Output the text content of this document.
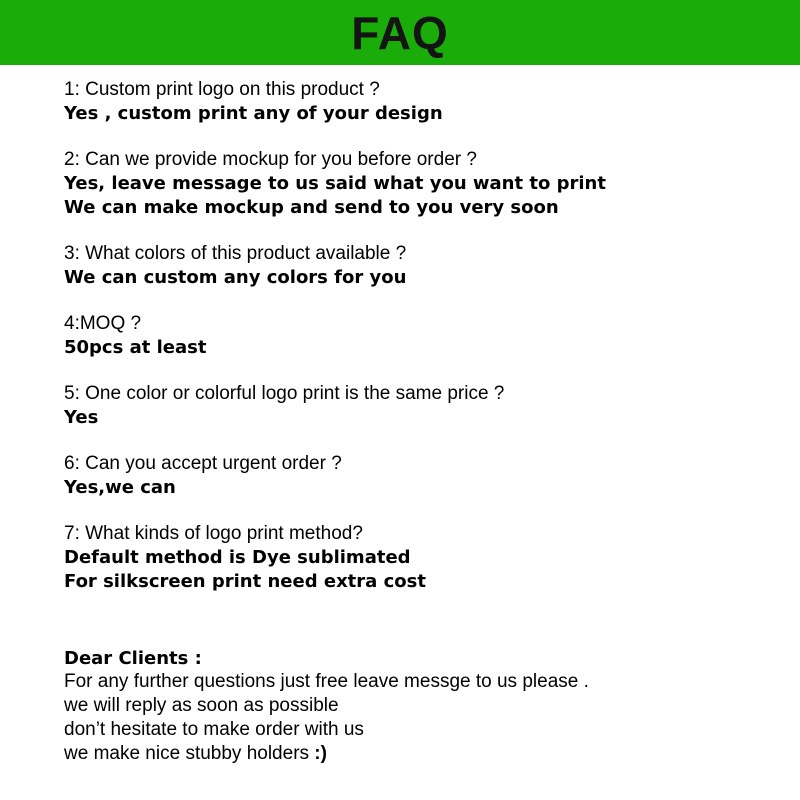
FAQ
1: Custom print logo on this product ?
Yes , custom print any of your design
2: Can we provide mockup for you before order ?
Yes, leave message to us said what you want to print
We can make mockup and send to you very soon
3: What colors of this product available ?
We can custom any colors for you
4:MOQ ?
50pcs at least
5: One color or colorful logo print is the same price ?
Yes
6: Can you accept urgent order ?
Yes,we can
7: What kinds of logo print method?
Default method is Dye sublimated
For silkscreen print need extra cost
Dear Clients :
For any further questions just free leave messge to us please .
we will reply as soon as possible
don’t hesitate to make order with us
we make nice stubby holders :)
